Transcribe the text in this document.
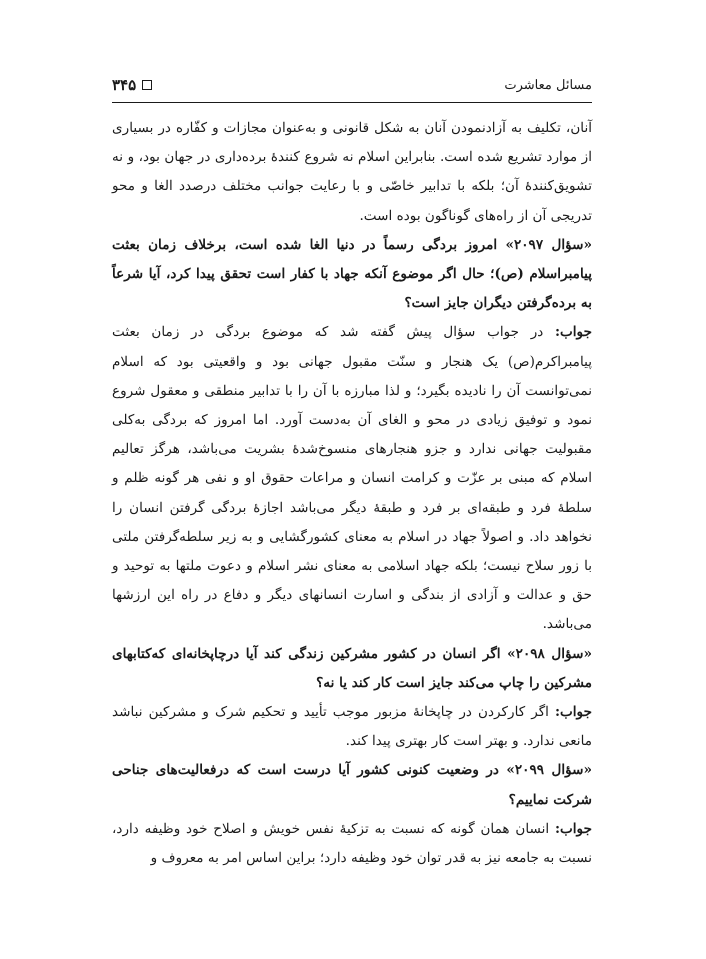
مسائل معاشرت
۳۴۵

آنان، تکلیف به آزادنمودن آنان به شکل قانونی و به‌عنوان مجازات و کفّاره در بسیاری از موارد تشریع شده است. بنابراین اسلام نه شروع کنندهٔ برده‌داری در جهان بود، و نه تشویق‌کنندهٔ آن؛ بلکه با تدابیر خاصّی و با رعایت جوانب مختلف درصدد الغا و محو تدریجی آن از راه‌های گوناگون بوده است.

«سؤال ۲۰۹۷» امروز بردگی رسماً در دنیا الغا شده است، برخلاف زمان بعثت پیامبراسلام (ص)؛ حال اگر موضوع آنکه جهاد با کفار است تحقق پیدا کرد، آیا شرعاً به برده‌گرفتن دیگران جایز است؟

جواب: در جواب سؤال پیش گفته شد که موضوع بردگی در زمان بعثت پیامبراکرم(ص) یک هنجار و سنّت مقبول جهانی بود و واقعیتی بود که اسلام نمی‌توانست آن را نادیده بگیرد؛ و لذا مبارزه با آن را با تدابیر منطقی و معقول شروع نمود و توفیق زیادی در محو و الغای آن به‌دست آورد. اما امروز که بردگی به‌کلی مقبولیت جهانی ندارد و جزو هنجارهای منسوخ‌شدهٔ بشریت می‌باشد، هرگز تعالیم اسلام که مبنی بر عزّت و کرامت انسان و مراعات حقوق او و نفی هر گونه ظلم و سلطهٔ فرد و طبقه‌ای بر فرد و طبقهٔ دیگر می‌باشد اجازهٔ بردگی گرفتن انسان را نخواهد داد. و اصولاً جهاد در اسلام به معنای کشورگشایی و به زیر سلطه‌گرفتن ملتی با زور سلاح نیست؛ بلکه جهاد اسلامی به معنای نشر اسلام و دعوت ملتها به توحید و حق و عدالت و آزادی از بندگی و اسارت انسانهای دیگر و دفاع در راه این ارزشها می‌باشد.

«سؤال ۲۰۹۸» اگر انسان در کشور مشرکین زندگی کند آیا درچاپخانه‌ای که‌کتابهای مشرکین را چاپ می‌کند جایز است کار کند یا نه؟

جواب: اگر کارکردن در چاپخانهٔ مزبور موجب تأیید و تحکیم شرک و مشرکین نباشد مانعی ندارد. و بهتر است کار بهتری پیدا کند.

«سؤال ۲۰۹۹» در وضعیت کنونی کشور آیا درست است که درفعالیت‌های جناحی شرکت نماییم؟

جواب: انسان همان گونه که نسبت به تزکیهٔ نفس خویش و اصلاح خود وظیفه دارد، نسبت به جامعه نیز به قدر توان خود وظیفه دارد؛ براین اساس امر به معروف و
